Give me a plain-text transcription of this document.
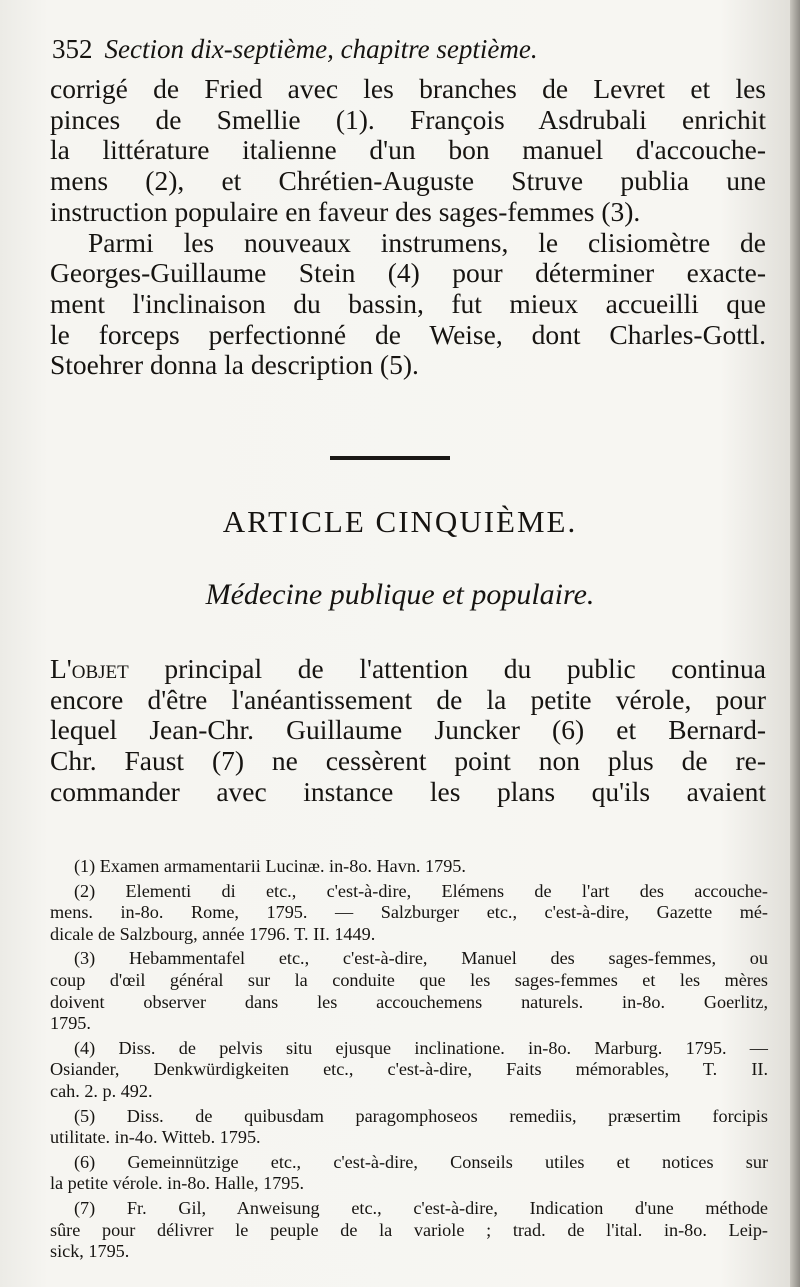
352 Section dix-septième, chapitre septième.
corrigé de Fried avec les branches de Levret et les
pinces de Smellie (1). François Asdrubali enrichit
la littérature italienne d'un bon manuel d'accouche-
mens (2), et Chrétien-Auguste Struve publia une
instruction populaire en faveur des sages-femmes (3).
Parmi les nouveaux instrumens, le clisiomètre de
Georges-Guillaume Stein (4) pour déterminer exacte-
ment l'inclinaison du bassin, fut mieux accueilli que
le forceps perfectionné de Weise, dont Charles-Gottl.
Stoehrer donna la description (5).
ARTICLE CINQUIÈME.
Médecine publique et populaire.
L'objet principal de l'attention du public continua
encore d'être l'anéantissement de la petite vérole, pour
lequel Jean-Chr. Guillaume Juncker (6) et Bernard-
Chr. Faust (7) ne cessèrent point non plus de re-
commander avec instance les plans qu'ils avaient
(1) Examen armamentarii Lucinæ. in-8o. Havn. 1795.
(2) Elementi di etc., c'est-à-dire, Elémens de l'art des accouche-
mens. in-8o. Rome, 1795. — Salzburger etc., c'est-à-dire, Gazette mé-
dicale de Salzbourg, année 1796. T. II. 1449.
(3) Hebammentafel etc., c'est-à-dire, Manuel des sages-femmes, ou
coup d'œil général sur la conduite que les sages-femmes et les mères
doivent observer dans les accouchemens naturels. in-8o. Goerlitz,
1795.
(4) Diss. de pelvis situ ejusque inclinatione. in-8o. Marburg. 1795. —
Osiander, Denkwürdigkeiten etc., c'est-à-dire, Faits mémorables, T. II.
cah. 2. p. 492.
(5) Diss. de quibusdam paragomphoseos remediis, præsertim forcipis
utilitate. in-4o. Witteb. 1795.
(6) Gemeinnützige etc., c'est-à-dire, Conseils utiles et notices sur
la petite vérole. in-8o. Halle, 1795.
(7) Fr. Gil, Anweisung etc., c'est-à-dire, Indication d'une méthode
sûre pour délivrer le peuple de la variole ; trad. de l'ital. in-8o. Leip-
sick, 1795.
